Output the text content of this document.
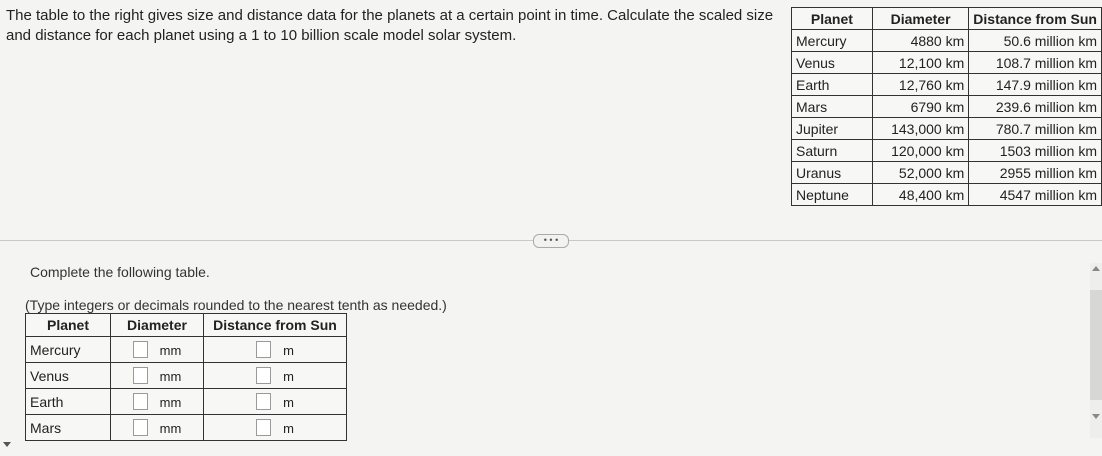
The table to the right gives size and distance data for the planets at a certain point in time. Calculate the scaled size and distance for each planet using a 1 to 10 billion scale model solar system.
Planet	Diameter	Distance from Sun
Mercury	4880 km	50.6 million km
Venus	12,100 km	108.7 million km
Earth	12,760 km	147.9 million km
Mars	6790 km	239.6 million km
Jupiter	143,000 km	780.7 million km
Saturn	120,000 km	1503 million km
Uranus	52,000 km	2955 million km
Neptune	48,400 km	4547 million km
• • •
Complete the following table.
(Type integers or decimals rounded to the nearest tenth as needed.)
Planet	Diameter	Distance from Sun
Mercury	mm	m
Venus	mm	m
Earth	mm	m
Mars	mm	m
